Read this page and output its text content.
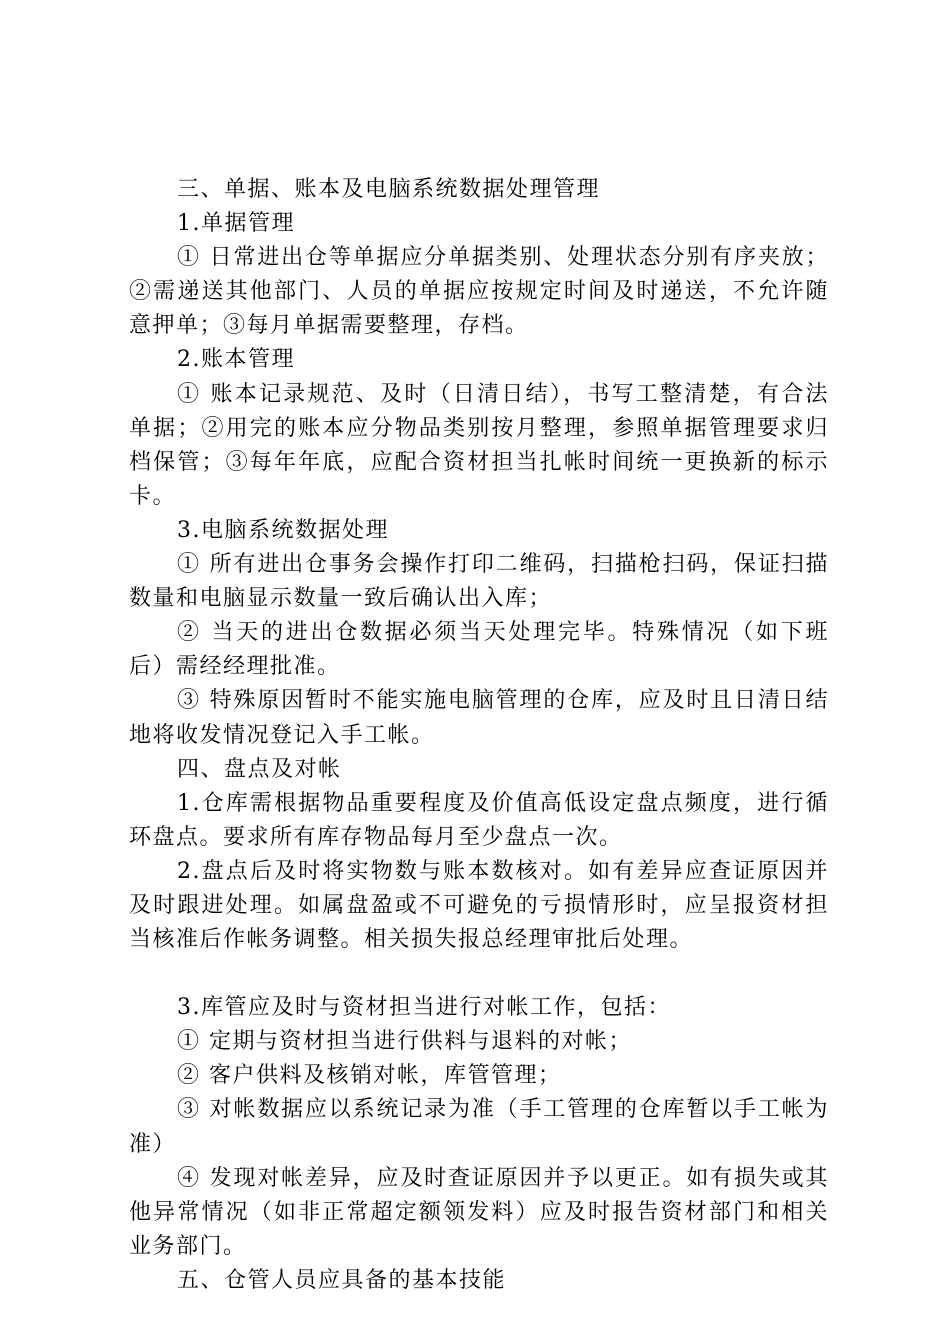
三、单据、账本及电脑系统数据处理管理

1.单据管理

① 日常进出仓等单据应分单据类别、处理状态分别有序夹放；②需递送其他部门、人员的单据应按规定时间及时递送，不允许随意押单；③每月单据需要整理，存档。

2.账本管理

① 账本记录规范、及时（日清日结），书写工整清楚，有合法单据；②用完的账本应分物品类别按月整理，参照单据管理要求归档保管；③每年年底，应配合资材担当扎帐时间统一更换新的标示卡。

3.电脑系统数据处理

① 所有进出仓事务会操作打印二维码，扫描枪扫码，保证扫描数量和电脑显示数量一致后确认出入库；

② 当天的进出仓数据必须当天处理完毕。特殊情况（如下班后）需经经理批准。

③ 特殊原因暂时不能实施电脑管理的仓库，应及时且日清日结地将收发情况登记入手工帐。

四、盘点及对帐

1.仓库需根据物品重要程度及价值高低设定盘点频度，进行循环盘点。要求所有库存物品每月至少盘点一次。

2.盘点后及时将实物数与账本数核对。如有差异应查证原因并及时跟进处理。如属盘盈或不可避免的亏损情形时，应呈报资材担当核准后作帐务调整。相关损失报总经理审批后处理。

3.库管应及时与资材担当进行对帐工作，包括：

① 定期与资材担当进行供料与退料的对帐；

② 客户供料及核销对帐，库管管理；

③ 对帐数据应以系统记录为准（手工管理的仓库暂以手工帐为准）

④ 发现对帐差异，应及时查证原因并予以更正。如有损失或其他异常情况（如非正常超定额领发料）应及时报告资材部门和相关业务部门。

五、仓管人员应具备的基本技能
